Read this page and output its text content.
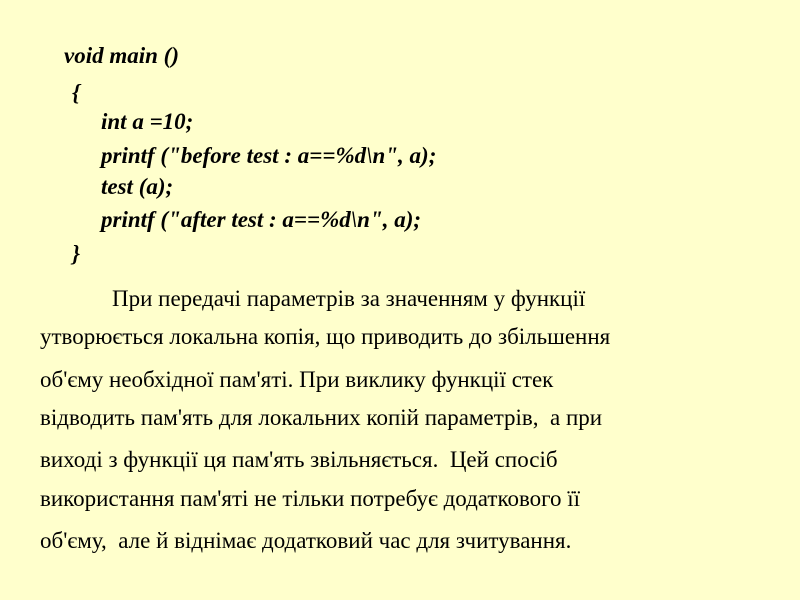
void main ()
{
int a =10;
printf ("before test : a==%d\n", a);
test (a);
printf ("after test : a==%d\n", a);
}
При передачі параметрів за значенням у функції
утворюється локальна копія, що приводить до збільшення
об'єму необхідної пам'яті. При виклику функції стек
відводить пам'ять для локальних копій параметрів,  а при
виході з функції ця пам'ять звільняється.  Цей спосіб
використання пам'яті не тільки потребує додаткового її
об'єму,  але й віднімає додатковий час для зчитування.
